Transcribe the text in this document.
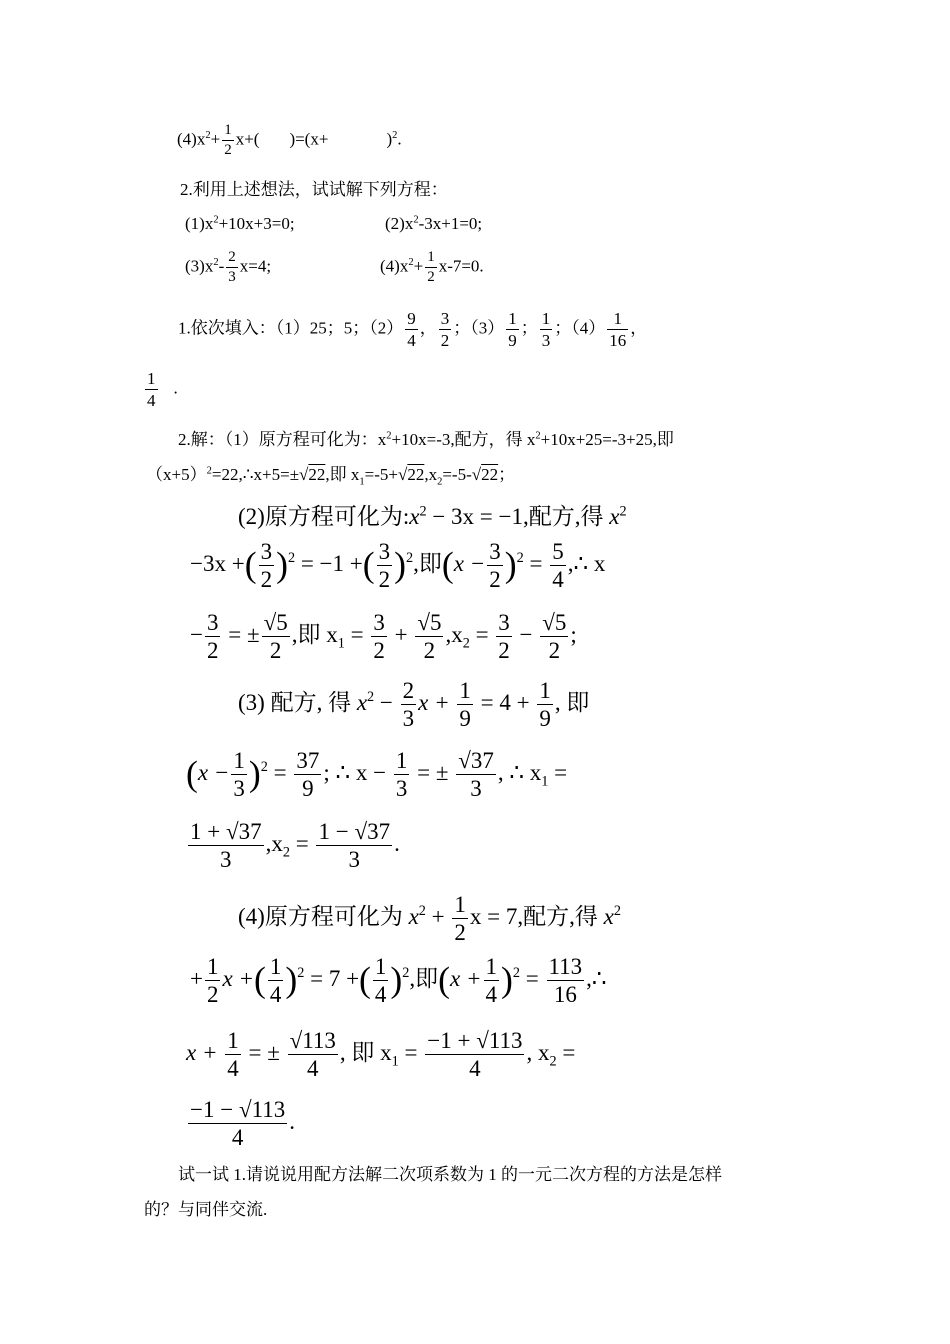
$(4)x^2+ \frac{1}{2} x+$( )=(x+	)$^2$.
2.利用上述想法，试试解下列方程：
$(1)x^2+10x+3=0$;	$(2)x^2-3x+1=0$;
$(3)x^2- \frac{2}{3} x=4$;	$(4)x^2+ \frac{1}{2} x-7=0$.
1.依次填入：（1）25；5；$(2) \frac{9}{4}$ ， $\frac{3}{2}$ ；$(3) \frac{1}{9}$ ； $\frac{1}{3}$ ；$(4) \frac{1}{16}$ ，
$\frac{1}{4}$ .
2.解：（1）原方程可化为：$x^2+10x=-3$,配方，得 $x^2+10x+25=-3+25$,即
$(x+5)^2=22,\therefore x+5=\pm√22$,即 $x_1=-5+√22,x_2=-5-√22$；
(2)原方程可化为$:x^2 - 3x = -1$,配方,得 $x^2$
−3x +( $\frac{3}{2} )^2 = -1$ +( $\frac{3}{2} )^2$,即$(x - \frac{3}{2} )^2 = \frac{5}{4}$ ,∴ x
− $\frac{3}{2}$ = ± $\frac{√5}{2}$ ,即 $x_1 = \frac{3}{2} + \frac{√5}{2} ,x_2 = \frac{3}{2} - \frac{√5}{2}$ ;
(3) 配方, 得 $x^2 - \frac{2}{3}$ $x + \frac{1}{9} = 4 + \frac{1}{9}$ , 即
$(x - \frac{1}{3} )^2 = \frac{37}{9}$ ; ∴ $x - \frac{1}{3}$ = ± $\frac{√37}{3}$ , ∴ $x_1$ =
$\frac{1 + √37}{3} ,x_2 = \frac{1 - √37}{3}$ .
(4)原方程可化为 $x^2 + \frac{1}{2}$ x = 7,配方,得 $x^2$
+ $\frac{1}{2}$ x +( $\frac{1}{4} )^2 = 7$ +( $\frac{1}{4} )^2$,即$(x + \frac{1}{4} )^2 = \frac{113}{16}$ ,∴
$x + \frac{1}{4}$ = ± $\frac{√113}{4}$ , 即 $x_1 = \frac{-1 + √113}{4}$ , $x_2$ =
$\frac{-1 - √113}{4}$ .
试一试 1.请说说用配方法解二次项系数为 1 的一元二次方程的方法是怎样
的？与同伴交流.
